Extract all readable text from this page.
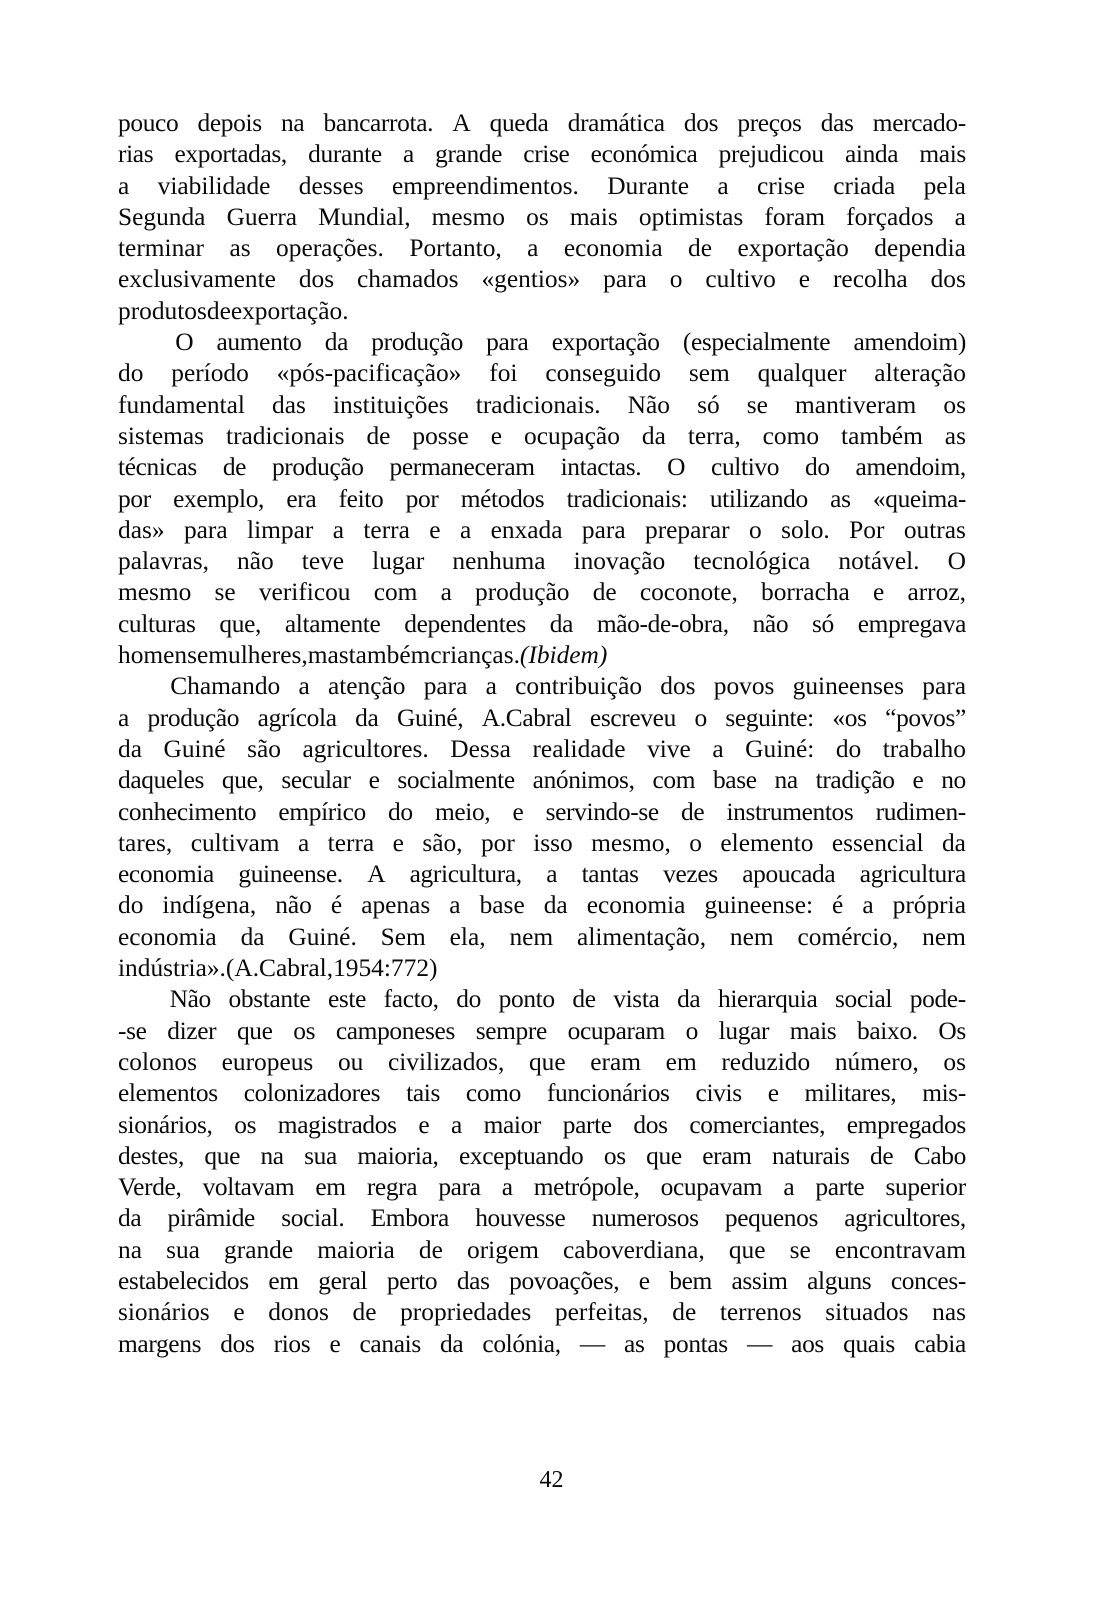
pouco depois na bancarrota. A queda dramática dos preços das mercado-
rias exportadas, durante a grande crise económica prejudicou ainda mais
a viabilidade desses empreendimentos. Durante a crise criada pela
Segunda Guerra Mundial, mesmo os mais optimistas foram forçados a
terminar as operações. Portanto, a economia de exportação dependia
exclusivamente dos chamados «gentios» para o cultivo e recolha dos
produtos de exportação.
O aumento da produção para exportação (especialmente amendoim)
do período «pós-pacificação» foi conseguido sem qualquer alteração
fundamental das instituições tradicionais. Não só se mantiveram os
sistemas tradicionais de posse e ocupação da terra, como também as
técnicas de produção permaneceram intactas. O cultivo do amendoim,
por exemplo, era feito por métodos tradicionais: utilizando as «queima-
das» para limpar a terra e a enxada para preparar o solo. Por outras
palavras, não teve lugar nenhuma inovação tecnológica notável. O
mesmo se verificou com a produção de coconote, borracha e arroz,
culturas que, altamente dependentes da mão-de-obra, não só empregava
homens e mulheres, mas também crianças. (Ibidem)
Chamando a atenção para a contribuição dos povos guineenses para
a produção agrícola da Guiné, A.Cabral escreveu o seguinte: «os “povos”
da Guiné são agricultores. Dessa realidade vive a Guiné: do trabalho
daqueles que, secular e socialmente anónimos, com base na tradição e no
conhecimento empírico do meio, e servindo-se de instrumentos rudimen-
tares, cultivam a terra e são, por isso mesmo, o elemento essencial da
economia guineense. A agricultura, a tantas vezes apoucada agricultura
do indígena, não é apenas a base da economia guineense: é a própria
economia da Guiné. Sem ela, nem alimentação, nem comércio, nem
indústria». (A. Cabral, 1954: 772)
Não obstante este facto, do ponto de vista da hierarquia social pode-
-se dizer que os camponeses sempre ocuparam o lugar mais baixo. Os
colonos europeus ou civilizados, que eram em reduzido número, os
elementos colonizadores tais como funcionários civis e militares, mis-
sionários, os magistrados e a maior parte dos comerciantes, empregados
destes, que na sua maioria, exceptuando os que eram naturais de Cabo
Verde, voltavam em regra para a metrópole, ocupavam a parte superior
da pirâmide social. Embora houvesse numerosos pequenos agricultores,
na sua grande maioria de origem caboverdiana, que se encontravam
estabelecidos em geral perto das povoações, e bem assim alguns conces-
sionários e donos de propriedades perfeitas, de terrenos situados nas
margens dos rios e canais da colónia, — as pontas — aos quais cabia
42
